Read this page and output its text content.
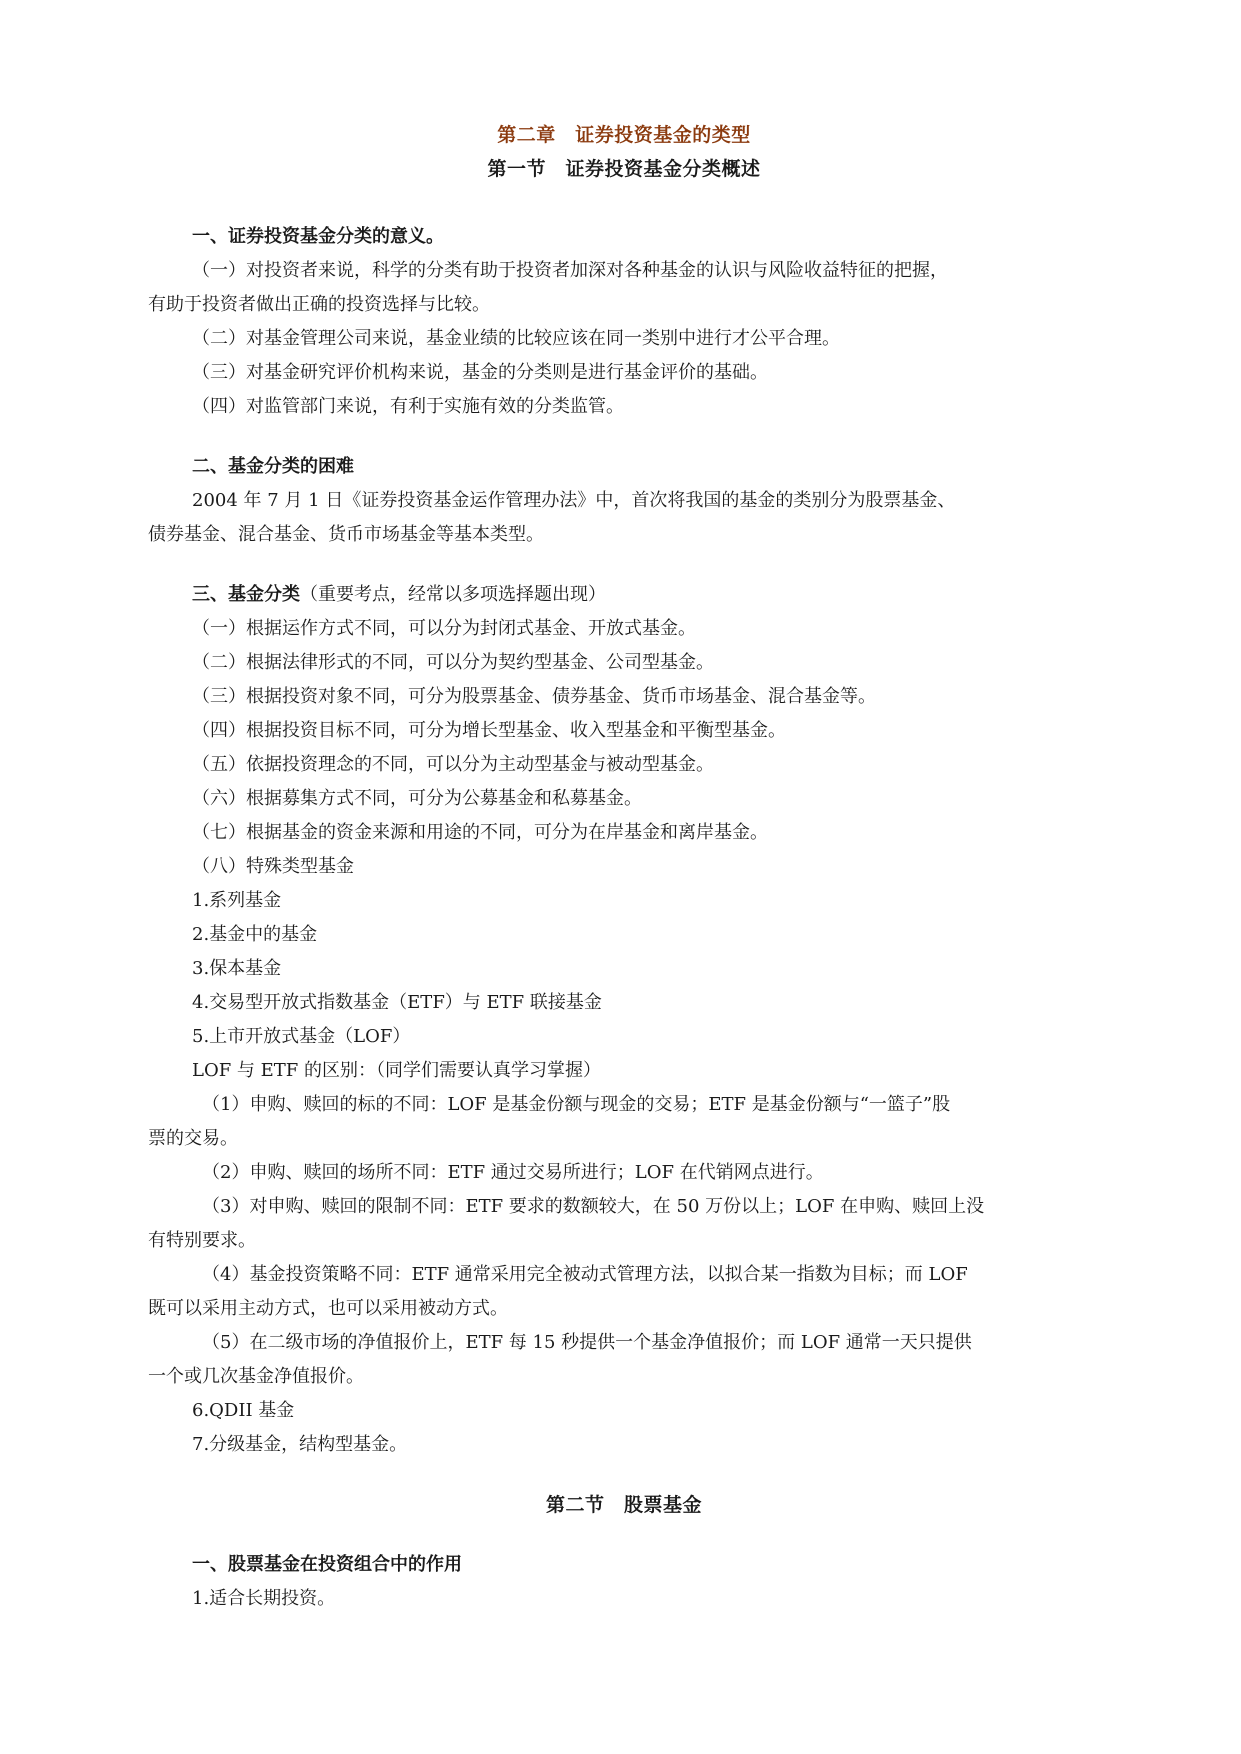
第二章　证券投资基金的类型
第一节　证券投资基金分类概述
一、证券投资基金分类的意义。
（一）对投资者来说，科学的分类有助于投资者加深对各种基金的认识与风险收益特征的把握，
有助于投资者做出正确的投资选择与比较。
（二）对基金管理公司来说，基金业绩的比较应该在同一类别中进行才公平合理。
（三）对基金研究评价机构来说，基金的分类则是进行基金评价的基础。
（四）对监管部门来说，有利于实施有效的分类监管。
二、基金分类的困难
2004 年 7 月 1 日《证券投资基金运作管理办法》中，首次将我国的基金的类别分为股票基金、
债券基金、混合基金、货币市场基金等基本类型。
三、基金分类（重要考点，经常以多项选择题出现）
（一）根据运作方式不同，可以分为封闭式基金、开放式基金。
（二）根据法律形式的不同，可以分为契约型基金、公司型基金。
（三）根据投资对象不同，可分为股票基金、债券基金、货币市场基金、混合基金等。
（四）根据投资目标不同，可分为增长型基金、收入型基金和平衡型基金。
（五）依据投资理念的不同，可以分为主动型基金与被动型基金。
（六）根据募集方式不同，可分为公募基金和私募基金。
（七）根据基金的资金来源和用途的不同，可分为在岸基金和离岸基金。
（八）特殊类型基金
1.系列基金
2.基金中的基金
3.保本基金
4.交易型开放式指数基金（ETF）与 ETF 联接基金
5.上市开放式基金（LOF）
LOF 与 ETF 的区别：（同学们需要认真学习掌握）
（1）申购、赎回的标的不同：LOF 是基金份额与现金的交易；ETF 是基金份额与“一篮子”股
票的交易。
（2）申购、赎回的场所不同：ETF 通过交易所进行；LOF 在代销网点进行。
（3）对申购、赎回的限制不同：ETF 要求的数额较大，在 50 万份以上；LOF 在申购、赎回上没
有特别要求。
（4）基金投资策略不同：ETF 通常采用完全被动式管理方法，以拟合某一指数为目标；而 LOF
既可以采用主动方式，也可以采用被动方式。
（5）在二级市场的净值报价上，ETF 每 15 秒提供一个基金净值报价；而 LOF 通常一天只提供
一个或几次基金净值报价。
6.QDII 基金
7.分级基金，结构型基金。
第二节　股票基金
一、股票基金在投资组合中的作用
1.适合长期投资。
